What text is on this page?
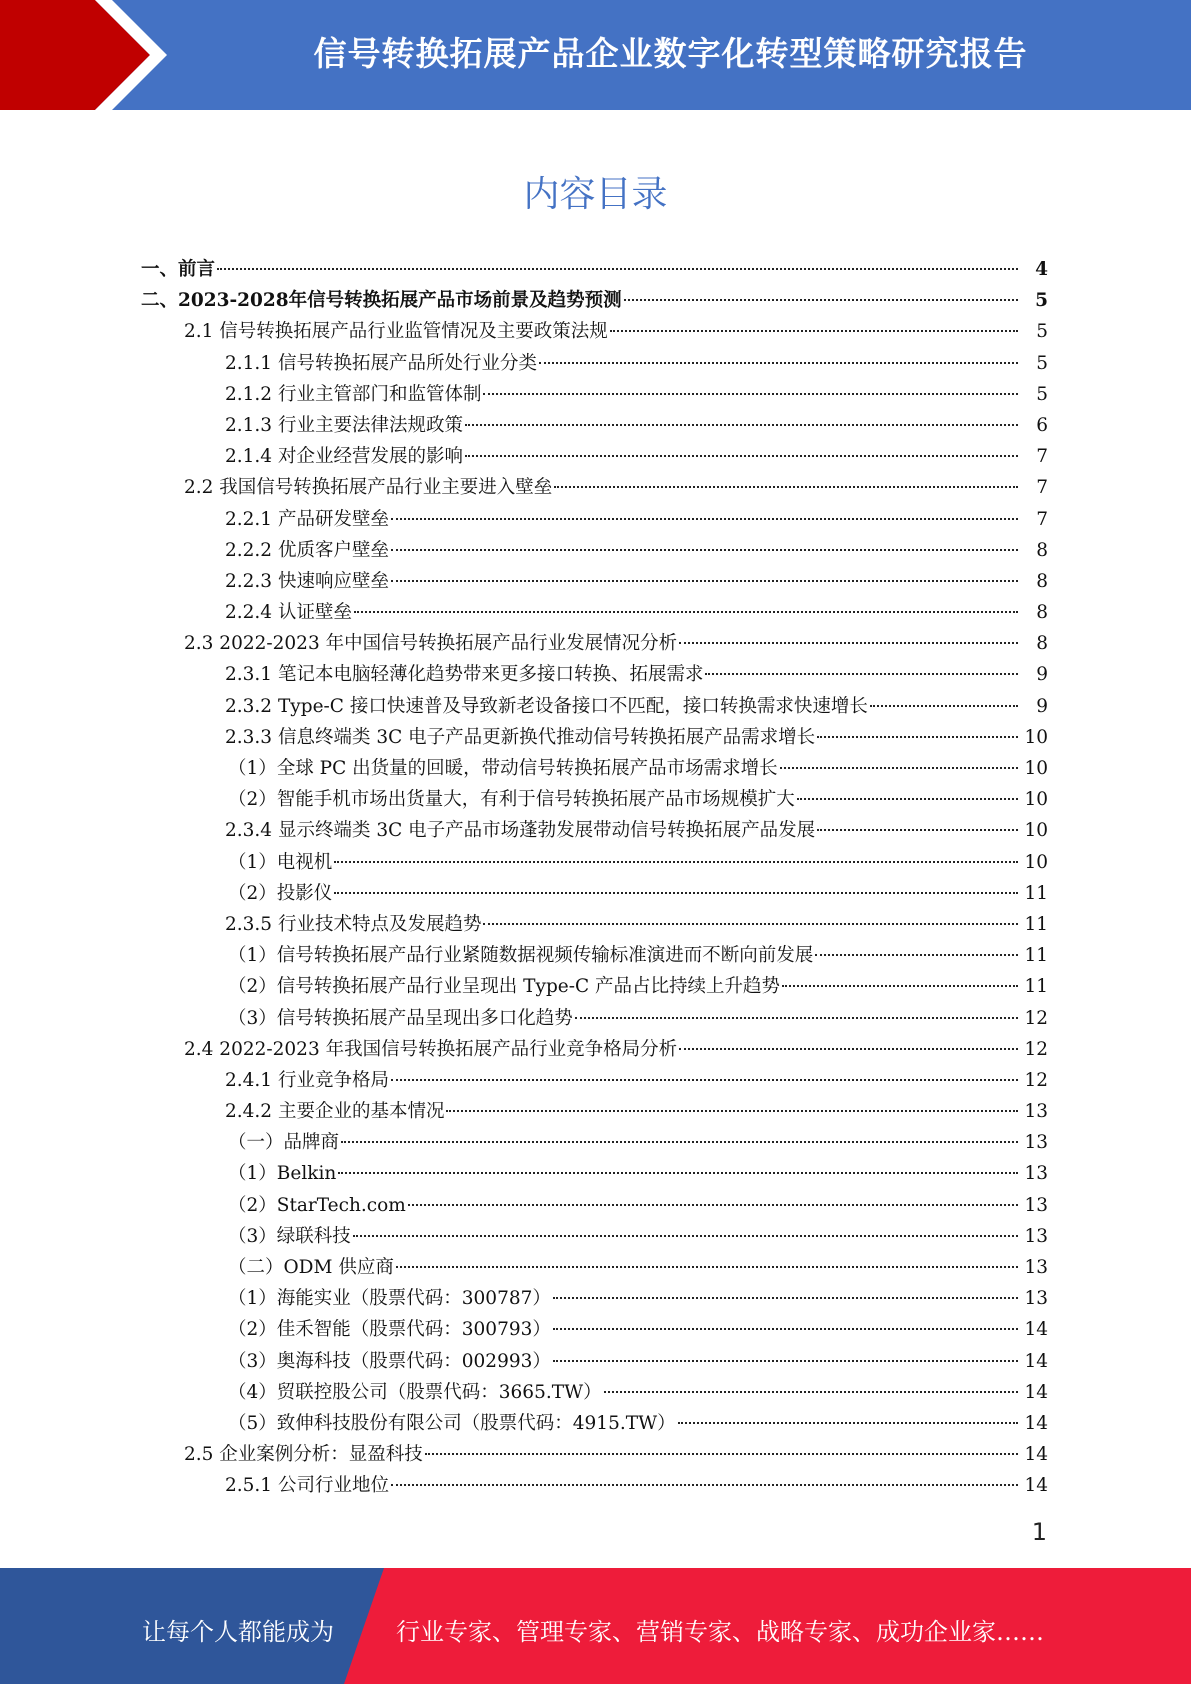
信号转换拓展产品企业数字化转型策略研究报告
内容目录
一、前言	4
二、2023-2028年信号转换拓展产品市场前景及趋势预测	5
2.1 信号转换拓展产品行业监管情况及主要政策法规	5
2.1.1 信号转换拓展产品所处行业分类	5
2.1.2 行业主管部门和监管体制	5
2.1.3 行业主要法律法规政策	6
2.1.4 对企业经营发展的影响	7
2.2 我国信号转换拓展产品行业主要进入壁垒	7
2.2.1 产品研发壁垒	7
2.2.2 优质客户壁垒	8
2.2.3 快速响应壁垒	8
2.2.4 认证壁垒	8
2.3 2022-2023 年中国信号转换拓展产品行业发展情况分析	8
2.3.1 笔记本电脑轻薄化趋势带来更多接口转换、拓展需求	9
2.3.2 Type-C 接口快速普及导致新老设备接口不匹配，接口转换需求快速增长	9
2.3.3 信息终端类 3C 电子产品更新换代推动信号转换拓展产品需求增长	10
（1）全球 PC 出货量的回暖，带动信号转换拓展产品市场需求增长	10
（2）智能手机市场出货量大，有利于信号转换拓展产品市场规模扩大	10
2.3.4 显示终端类 3C 电子产品市场蓬勃发展带动信号转换拓展产品发展	10
（1）电视机	10
（2）投影仪	11
2.3.5 行业技术特点及发展趋势	11
（1）信号转换拓展产品行业紧随数据视频传输标准演进而不断向前发展	11
（2）信号转换拓展产品行业呈现出 Type-C 产品占比持续上升趋势	11
（3）信号转换拓展产品呈现出多口化趋势	12
2.4 2022-2023 年我国信号转换拓展产品行业竞争格局分析	12
2.4.1 行业竞争格局	12
2.4.2 主要企业的基本情况	13
（一）品牌商	13
（1）Belkin	13
（2）StarTech.com	13
（3）绿联科技	13
（二）ODM 供应商	13
（1）海能实业（股票代码：300787）	13
（2）佳禾智能（股票代码：300793）	14
（3）奥海科技（股票代码：002993）	14
（4）贸联控股公司（股票代码：3665.TW）	14
（5）致伸科技股份有限公司（股票代码：4915.TW）	14
2.5 企业案例分析：显盈科技	14
2.5.1 公司行业地位	14
1
让每个人都能成为	行业专家、管理专家、营销专家、战略专家、成功企业家……
